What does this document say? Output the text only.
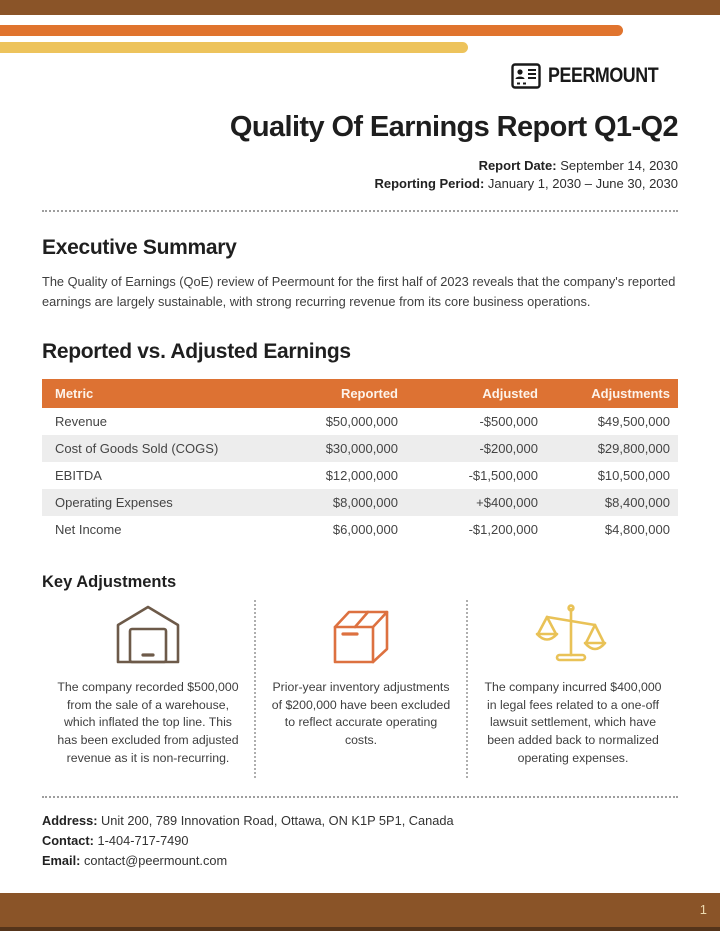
PEERMOUNT
Quality Of Earnings Report Q1-Q2
Report Date: September 14, 2030
Reporting Period: January 1, 2030 – June 30, 2030
Executive Summary

The Quality of Earnings (QoE) review of Peermount for the first half of 2023 reveals that the company's reported earnings are largely sustainable, with strong recurring revenue from its core business operations.

Reported vs. Adjusted Earnings
Metric	Reported	Adjusted	Adjustments
Revenue	$50,000,000	-$500,000	$49,500,000
Cost of Goods Sold (COGS)	$30,000,000	-$200,000	$29,800,000
EBITDA	$12,000,000	-$1,500,000	$10,500,000
Operating Expenses	$8,000,000	+$400,000	$8,400,000
Net Income	$6,000,000	-$1,200,000	$4,800,000
Key Adjustments
The company recorded $500,000 from the sale of a warehouse, which inflated the top line. This has been excluded from adjusted revenue as it is non-recurring.
Prior-year inventory adjustments of $200,000 have been excluded to reflect accurate operating costs.
The company incurred $400,000 in legal fees related to a one-off lawsuit settlement, which have been added back to normalized operating expenses.
Address: Unit 200, 789 Innovation Road, Ottawa, ON K1P 5P1, Canada
Contact: 1-404-717-7490
Email: contact@peermount.com
1
